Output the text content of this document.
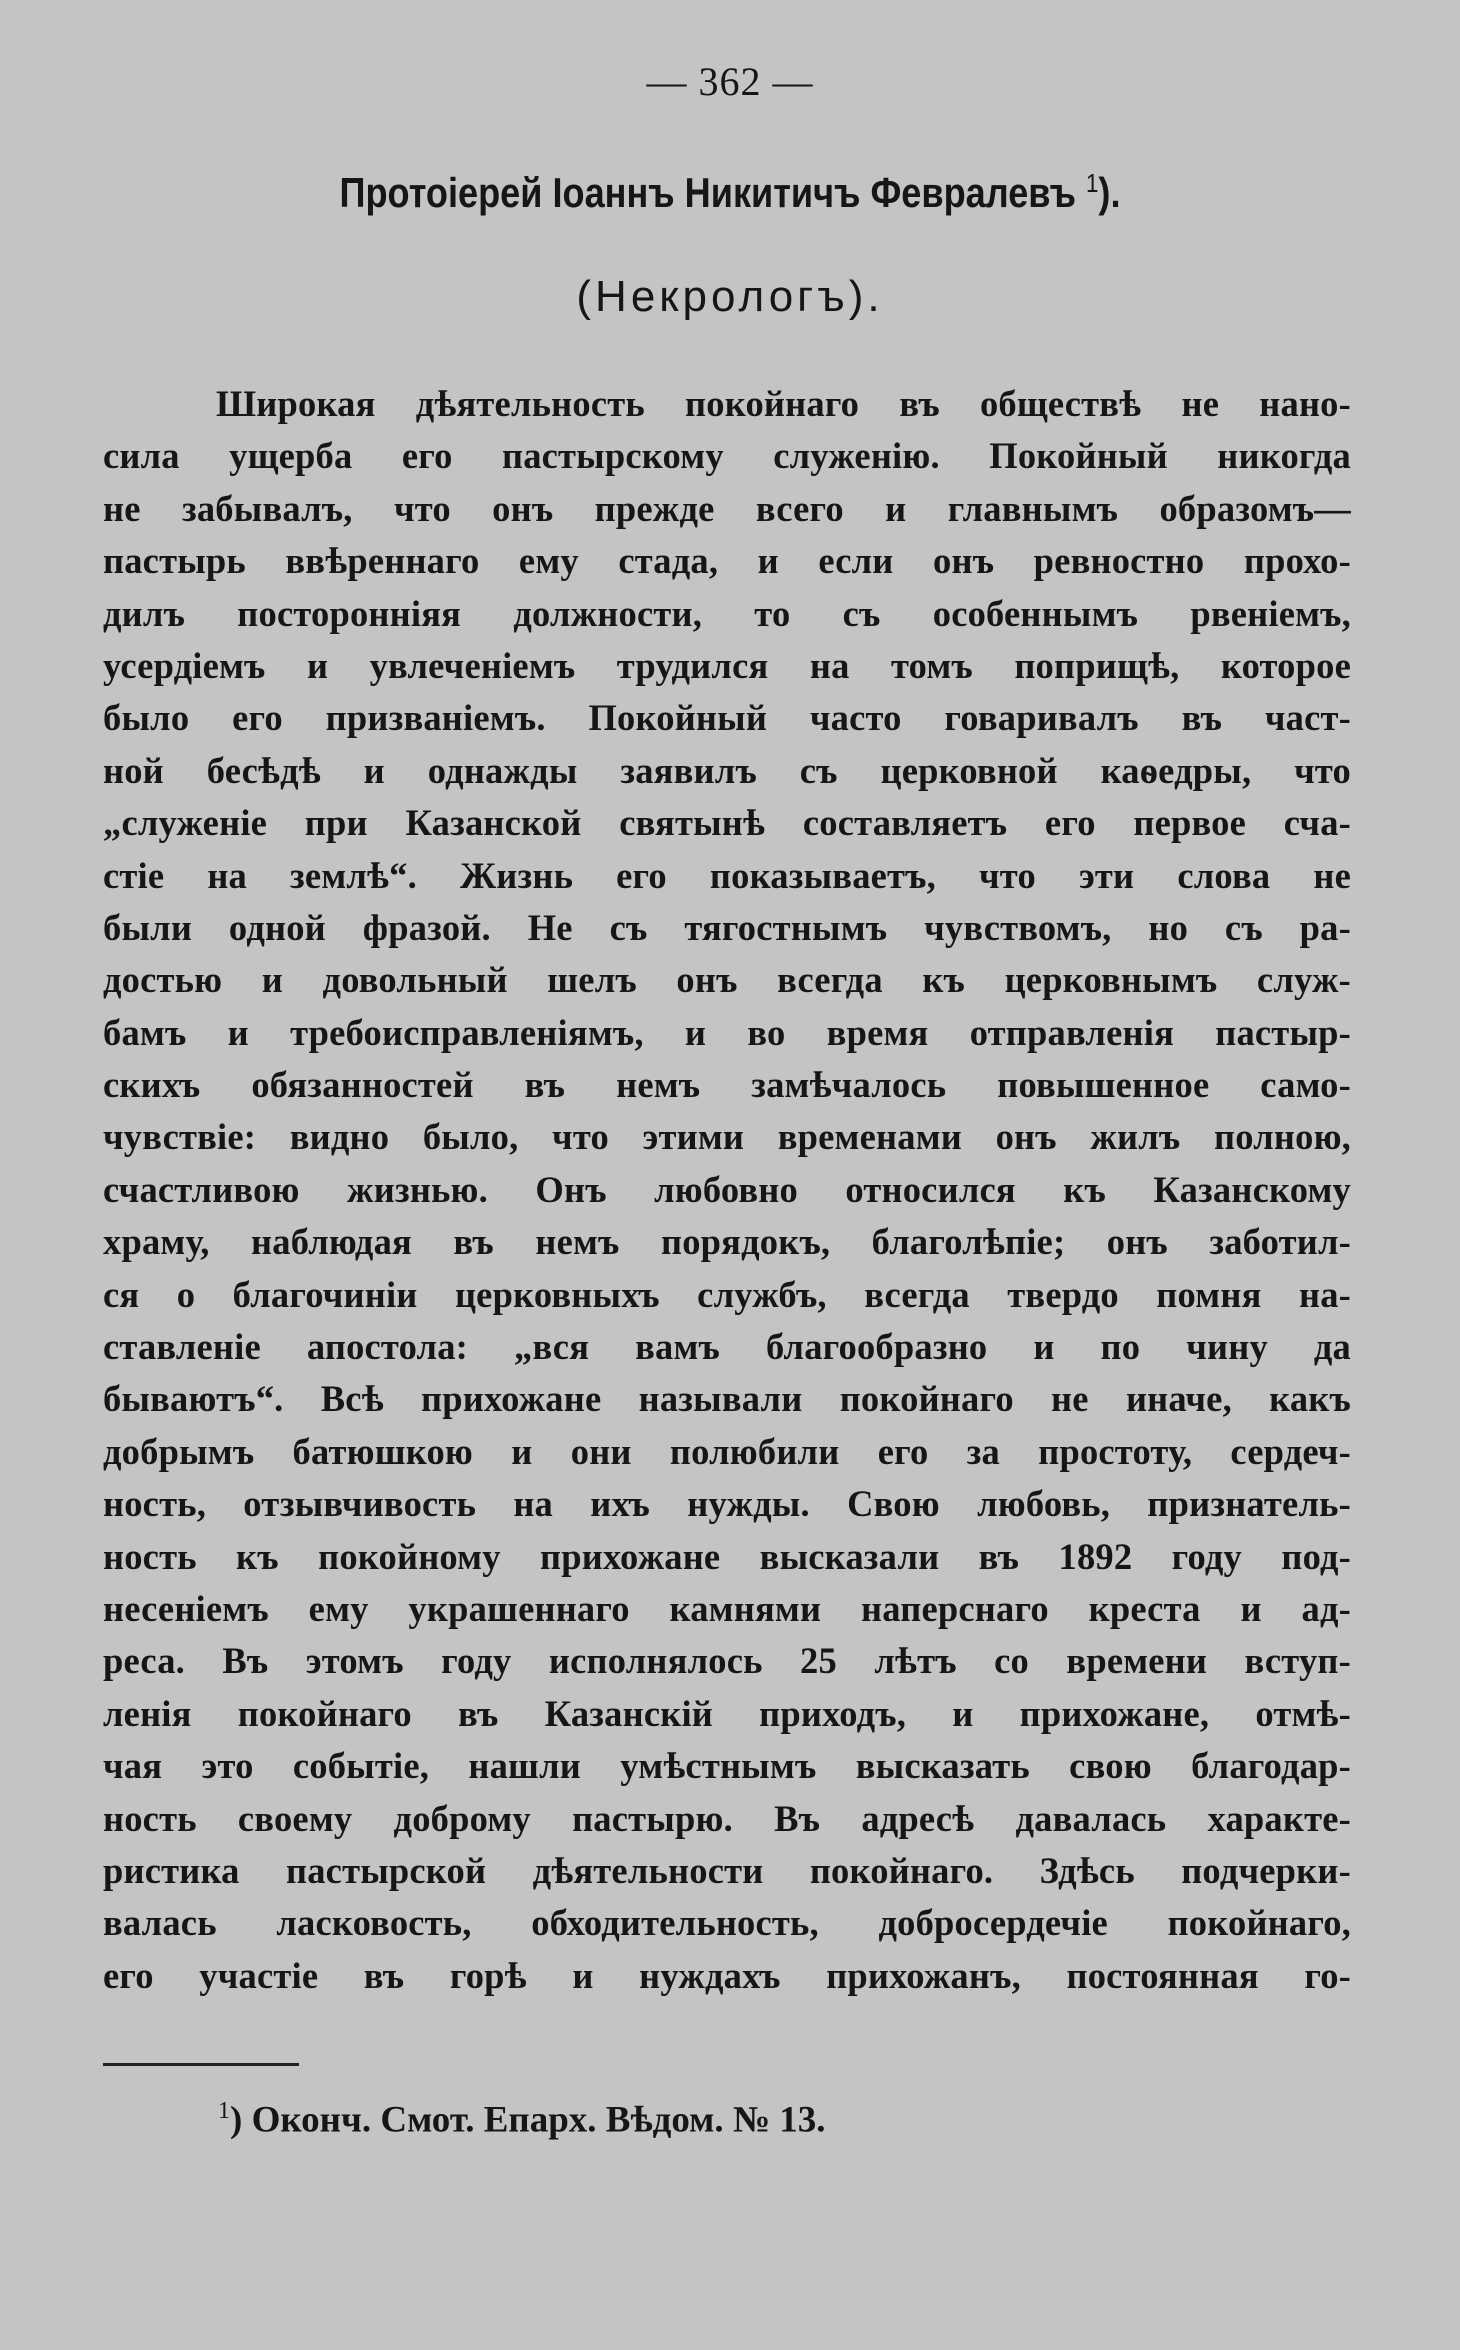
— 362 —
Протоіерей Іоаннъ Никитичъ Февралевъ $^1$).
(Некрологъ).
Широкая дѣятельность покойнаго въ обществѣ не нано-
сила ущерба его пастырскому служенію. Покойный никогда
не забывалъ, что онъ прежде всего и главнымъ образомъ—
пастырь ввѣреннаго ему стада, и если онъ ревностно прохо-
дилъ посторонніяя должности, то съ особеннымъ рвеніемъ,
усердіемъ и увлеченіемъ трудился на томъ поприщѣ, которое
было его призваніемъ. Покойный часто говаривалъ въ част-
ной бесѣдѣ и однажды заявилъ съ церковной каѳедры, что
„служеніе при Казанской святынѣ составляетъ его первое сча-
стіе на землѣ“. Жизнь его показываетъ, что эти слова не
были одной фразой. Не съ тягостнымъ чувствомъ, но съ ра-
достью и довольный шелъ онъ всегда къ церковнымъ служ-
бамъ и требоисправленіямъ, и во время отправленія пастыр-
скихъ обязанностей въ немъ замѣчалось повышенное само-
чувствіе: видно было, что этими временами онъ жилъ полною,
счастливою жизнью. Онъ любовно относился къ Казанскому
храму, наблюдая въ немъ порядокъ, благолѣпіе; онъ заботил-
ся о благочиніи церковныхъ службъ, всегда твердо помня на-
ставленіе апостола: „вся вамъ благообразно и по чину да
бываютъ“. Всѣ прихожане называли покойнаго не иначе, какъ
добрымъ батюшкою и они полюбили его за простоту, сердеч-
ность, отзывчивость на ихъ нужды. Свою любовь, признатель-
ность къ покойному прихожане высказали въ 1892 году под-
несеніемъ ему украшеннаго камнями наперснаго креста и ад-
реса. Въ этомъ году исполнялось 25 лѣтъ со времени вступ-
ленія покойнаго въ Казанскій приходъ, и прихожане, отмѣ-
чая это событіе, нашли умѣстнымъ высказать свою благодар-
ность своему доброму пастырю. Въ адресѣ давалась характе-
ристика пастырской дѣятельности покойнаго. Здѣсь подчерки-
валась ласковость, обходительность, добросердечіе покойнаго,
его участіе въ горѣ и нуждахъ прихожанъ, постоянная го-
$^1$) Оконч. Смот. Епарх. Вѣдом. № 13.
